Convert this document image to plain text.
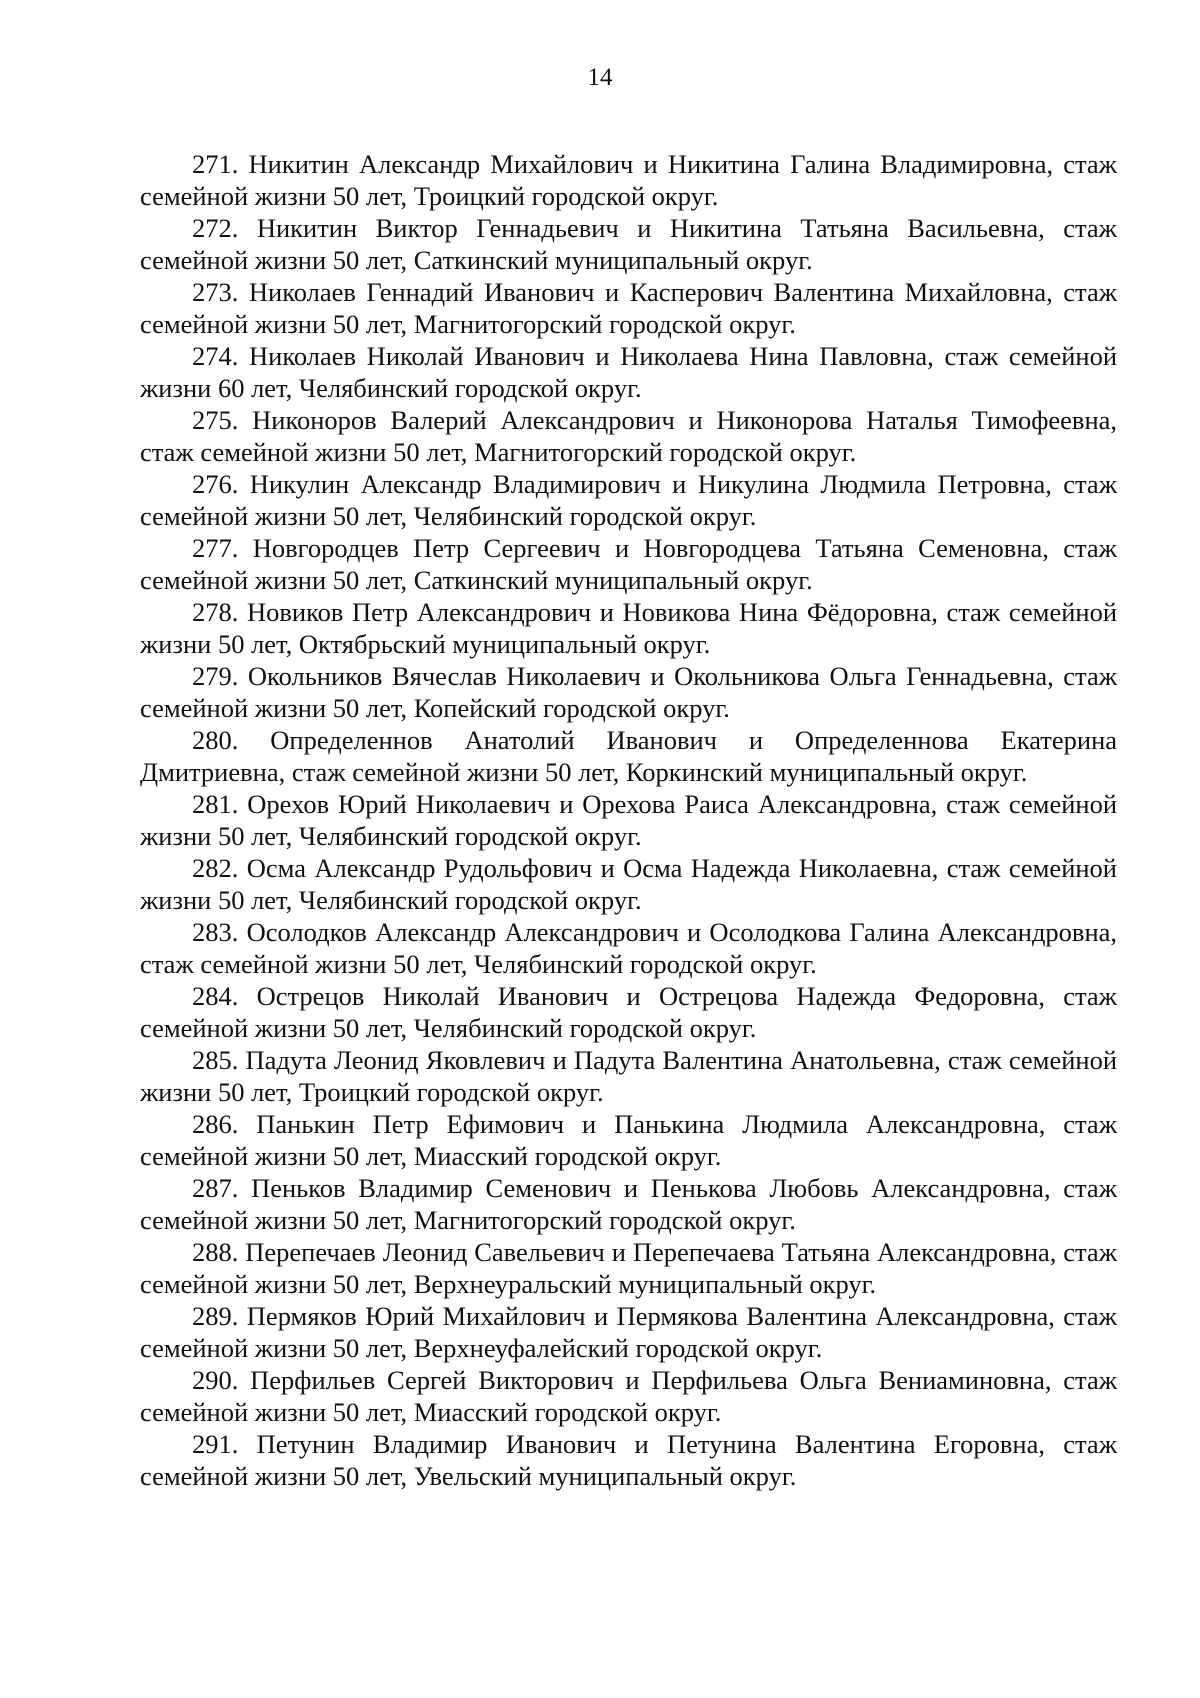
14

271. Никитин Александр Михайлович и Никитина Галина Владимировна, стаж семейной жизни 50 лет, Троицкий городской округ.

272. Никитин Виктор Геннадьевич и Никитина Татьяна Васильевна, стаж семейной жизни 50 лет, Саткинский муниципальный округ.

273. Николаев Геннадий Иванович и Касперович Валентина Михайловна, стаж семейной жизни 50 лет, Магнитогорский городской округ.

274. Николаев Николай Иванович и Николаева Нина Павловна, стаж семейной жизни 60 лет, Челябинский городской округ.

275. Никоноров Валерий Александрович и Никонорова Наталья Тимофеевна, стаж семейной жизни 50 лет, Магнитогорский городской округ.

276. Никулин Александр Владимирович и Никулина Людмила Петровна, стаж семейной жизни 50 лет, Челябинский городской округ.

277. Новгородцев Петр Сергеевич и Новгородцева Татьяна Семеновна, стаж семейной жизни 50 лет, Саткинский муниципальный округ.

278. Новиков Петр Александрович и Новикова Нина Фёдоровна, стаж семейной жизни 50 лет, Октябрьский муниципальный округ.

279. Окольников Вячеслав Николаевич и Окольникова Ольга Геннадьевна, стаж семейной жизни 50 лет, Копейский городской округ.

280. Определеннов Анатолий Иванович и Определеннова Екатерина Дмитриевна, стаж семейной жизни 50 лет, Коркинский муниципальный округ.

281. Орехов Юрий Николаевич и Орехова Раиса Александровна, стаж семейной жизни 50 лет, Челябинский городской округ.

282. Осма Александр Рудольфович и Осма Надежда Николаевна, стаж семейной жизни 50 лет, Челябинский городской округ.

283. Осолодков Александр Александрович и Осолодкова Галина Александровна, стаж семейной жизни 50 лет, Челябинский городской округ.

284. Острецов Николай Иванович и Острецова Надежда Федоровна, стаж семейной жизни 50 лет, Челябинский городской округ.

285. Падута Леонид Яковлевич и Падута Валентина Анатольевна, стаж семейной жизни 50 лет, Троицкий городской округ.

286. Панькин Петр Ефимович и Панькина Людмила Александровна, стаж семейной жизни 50 лет, Миасский городской округ.

287. Пеньков Владимир Семенович и Пенькова Любовь Александровна, стаж семейной жизни 50 лет, Магнитогорский городской округ.

288. Перепечаев Леонид Савельевич и Перепечаева Татьяна Александровна, стаж семейной жизни 50 лет, Верхнеуральский муниципальный округ.

289. Пермяков Юрий Михайлович и Пермякова Валентина Александровна, стаж семейной жизни 50 лет, Верхнеуфалейский городской округ.

290. Перфильев Сергей Викторович и Перфильева Ольга Вениаминовна, стаж семейной жизни 50 лет, Миасский городской округ.

291. Петунин Владимир Иванович и Петунина Валентина Егоровна, стаж семейной жизни 50 лет, Увельский муниципальный округ.
